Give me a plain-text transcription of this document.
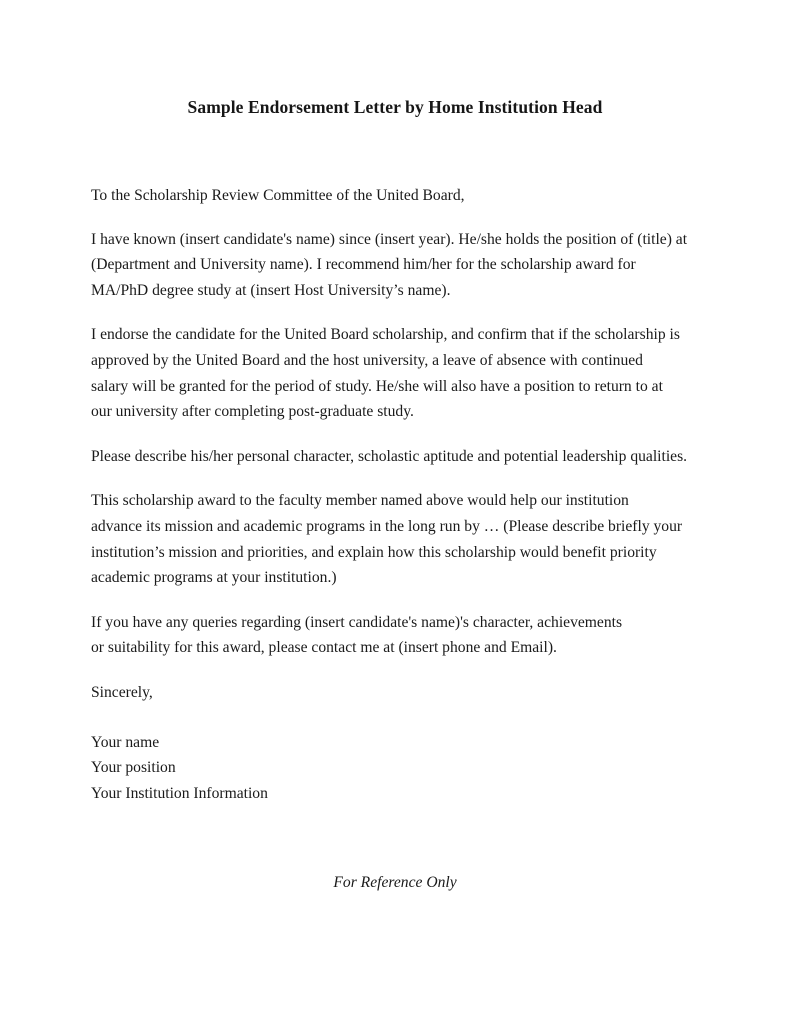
Sample Endorsement Letter by Home Institution Head

To the Scholarship Review Committee of the United Board,

I have known (insert candidate's name) since (insert year). He/she holds the position of (title) at
(Department and University name). I recommend him/her for the scholarship award for
MA/PhD degree study at (insert Host University’s name).

I endorse the candidate for the United Board scholarship, and confirm that if the scholarship is
approved by the United Board and the host university, a leave of absence with continued
salary will be granted for the period of study. He/she will also have a position to return to at
our university after completing post-graduate study.

Please describe his/her personal character, scholastic aptitude and potential leadership qualities.

This scholarship award to the faculty member named above would help our institution
advance its mission and academic programs in the long run by … (Please describe briefly your
institution’s mission and priorities, and explain how this scholarship would benefit priority
academic programs at your institution.)

If you have any queries regarding (insert candidate's name)'s character, achievements
or suitability for this award, please contact me at (insert phone and Email).

Sincerely,

Your name
Your position
Your Institution Information

For Reference Only
